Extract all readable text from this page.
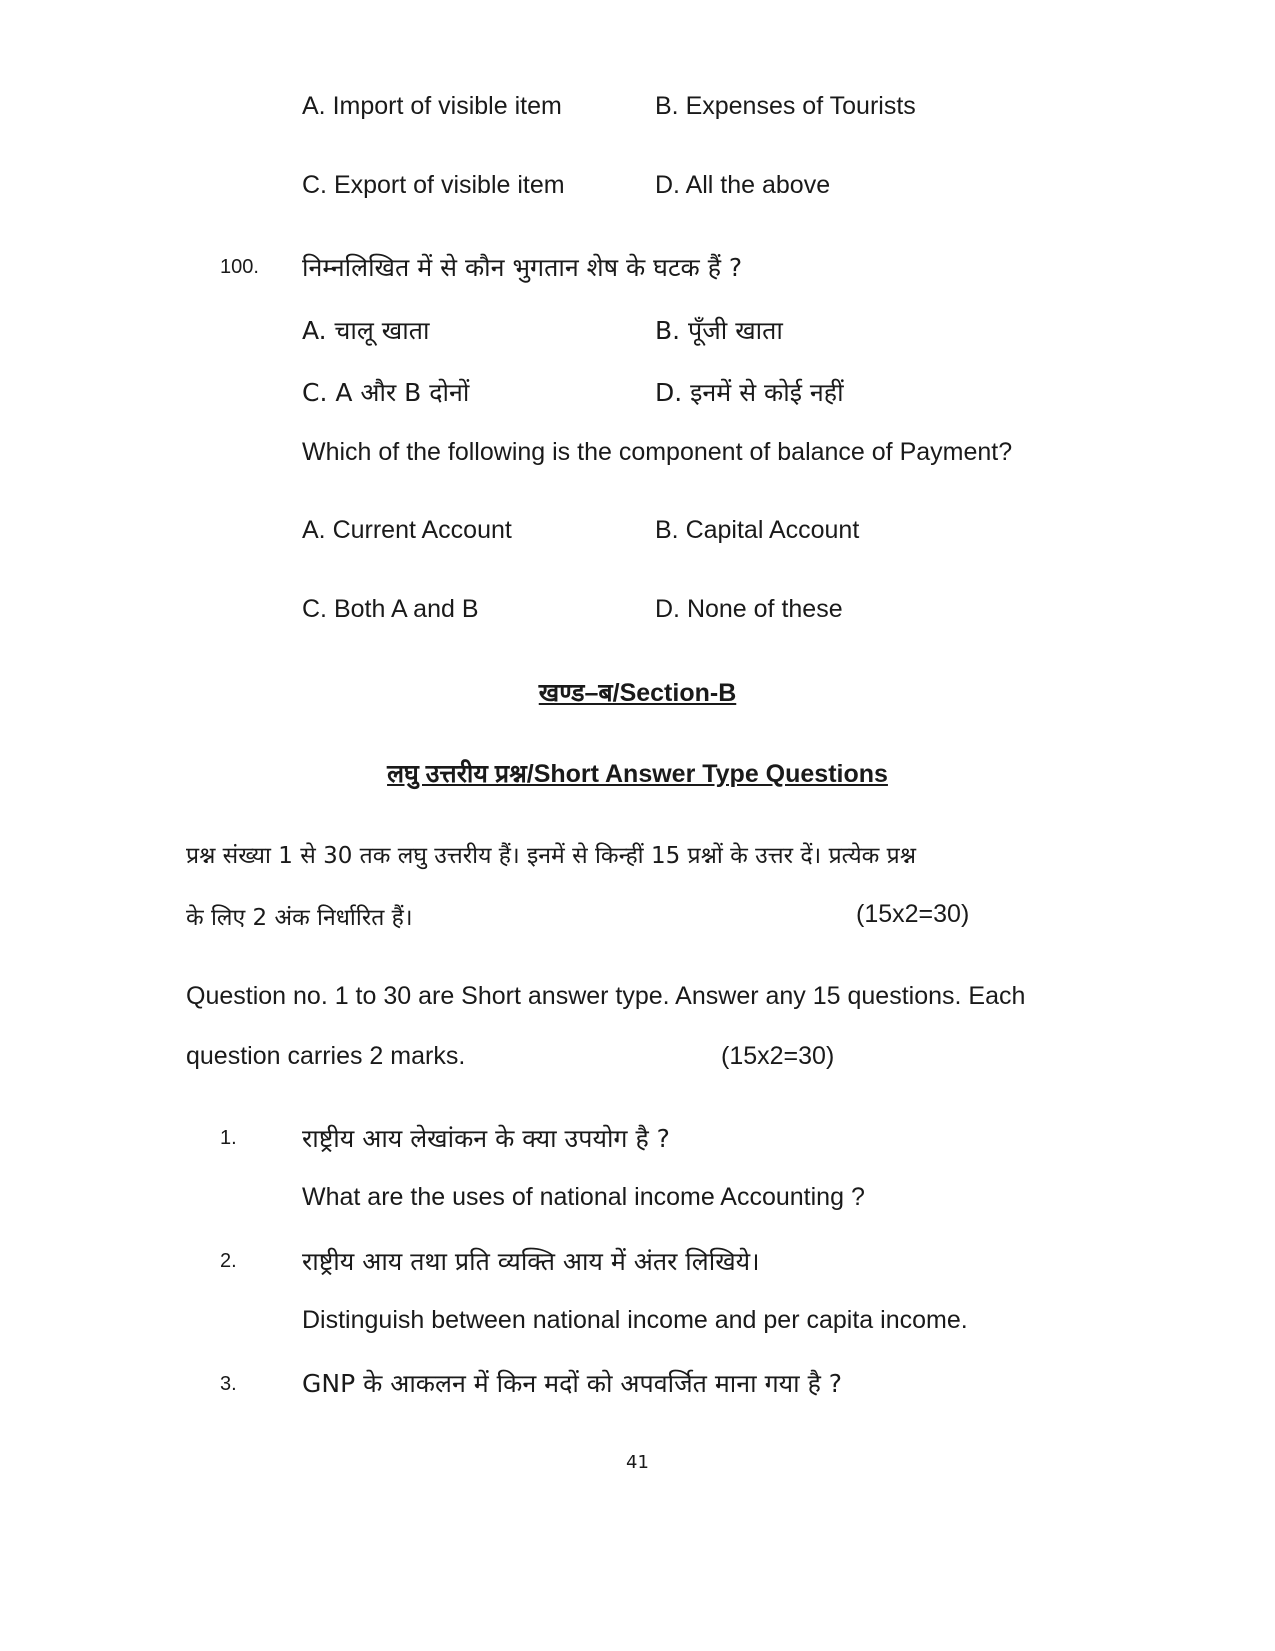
A. Import of visible item	B. Expenses of Tourists
C. Export of visible item	D. All the above
100. निम्नलिखित में से कौन भुगतान शेष के घटक हैं ?
A. चालू खाता	B. पूँजी खाता
C. A और B दोनों	D. इनमें से कोई नहीं
Which of the following is the component of balance of Payment?
A. Current Account	B. Capital Account
C. Both A and B	D. None of these
खण्ड–ब/Section-B
लघु उत्तरीय प्रश्न/Short Answer Type Questions
प्रश्न संख्या 1 से 30 तक लघु उत्तरीय हैं। इनमें से किन्हीं 15 प्रश्नों के उत्तर दें। प्रत्येक प्रश्न
के लिए 2 अंक निर्धारित हैं।	(15x2=30)
Question no. 1 to 30 are Short answer type. Answer any 15 questions. Each
question carries 2 marks.	(15x2=30)
1.	राष्ट्रीय आय लेखांकन के क्या उपयोग है ?
What are the uses of national income Accounting ?
2.	राष्ट्रीय आय तथा प्रति व्यक्ति आय में अंतर लिखिये।
Distinguish between national income and per capita income.
3.	GNP के आकलन में किन मदों को अपवर्जित माना गया है ?
41
